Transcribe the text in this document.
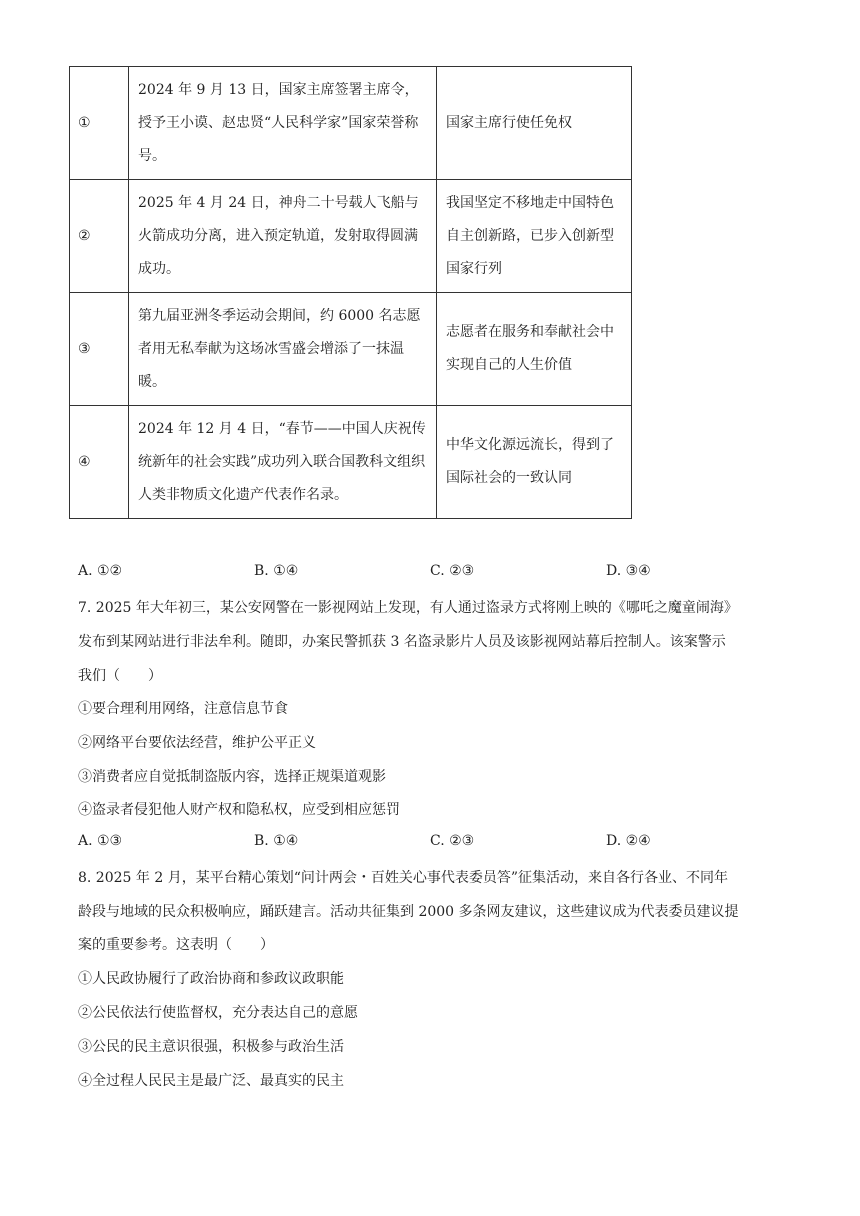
①	2024 年 9 月 13 日，国家主席签署主席令，授予王小谟、赵忠贤“人民科学家”国家荣誉称号。	国家主席行使任免权
②	2025 年 4 月 24 日，神舟二十号载人飞船与火箭成功分离，进入预定轨道，发射取得圆满成功。	我国坚定不移地走中国特色自主创新路，已步入创新型国家行列
③	第九届亚洲冬季运动会期间，约 6000 名志愿者用无私奉献为这场冰雪盛会增添了一抹温暖。	志愿者在服务和奉献社会中实现自己的人生价值
④	2024 年 12 月 4 日，“春节——中国人庆祝传统新年的社会实践”成功列入联合国教科文组织人类非物质文化遗产代表作名录。	中华文化源远流长，得到了国际社会的一致认同
A. ①②	B. ①④	C. ②③	D. ③④
7. 2025 年大年初三，某公安网警在一影视网站上发现，有人通过盗录方式将刚上映的《哪吒之魔童闹海》
发布到某网站进行非法牟利。随即，办案民警抓获 3 名盗录影片人员及该影视网站幕后控制人。该案警示
我们（　　）
①要合理利用网络，注意信息节食
②网络平台要依法经营，维护公平正义
③消费者应自觉抵制盗版内容，选择正规渠道观影
④盗录者侵犯他人财产权和隐私权，应受到相应惩罚
A. ①③	B. ①④	C. ②③	D. ②④
8. 2025 年 2 月，某平台精心策划“问计两会・百姓关心事代表委员答”征集活动，来自各行各业、不同年
龄段与地域的民众积极响应，踊跃建言。活动共征集到 2000 多条网友建议，这些建议成为代表委员建议提
案的重要参考。这表明（　　）
①人民政协履行了政治协商和参政议政职能
②公民依法行使监督权，充分表达自己的意愿
③公民的民主意识很强，积极参与政治生活
④全过程人民民主是最广泛、最真实的民主
